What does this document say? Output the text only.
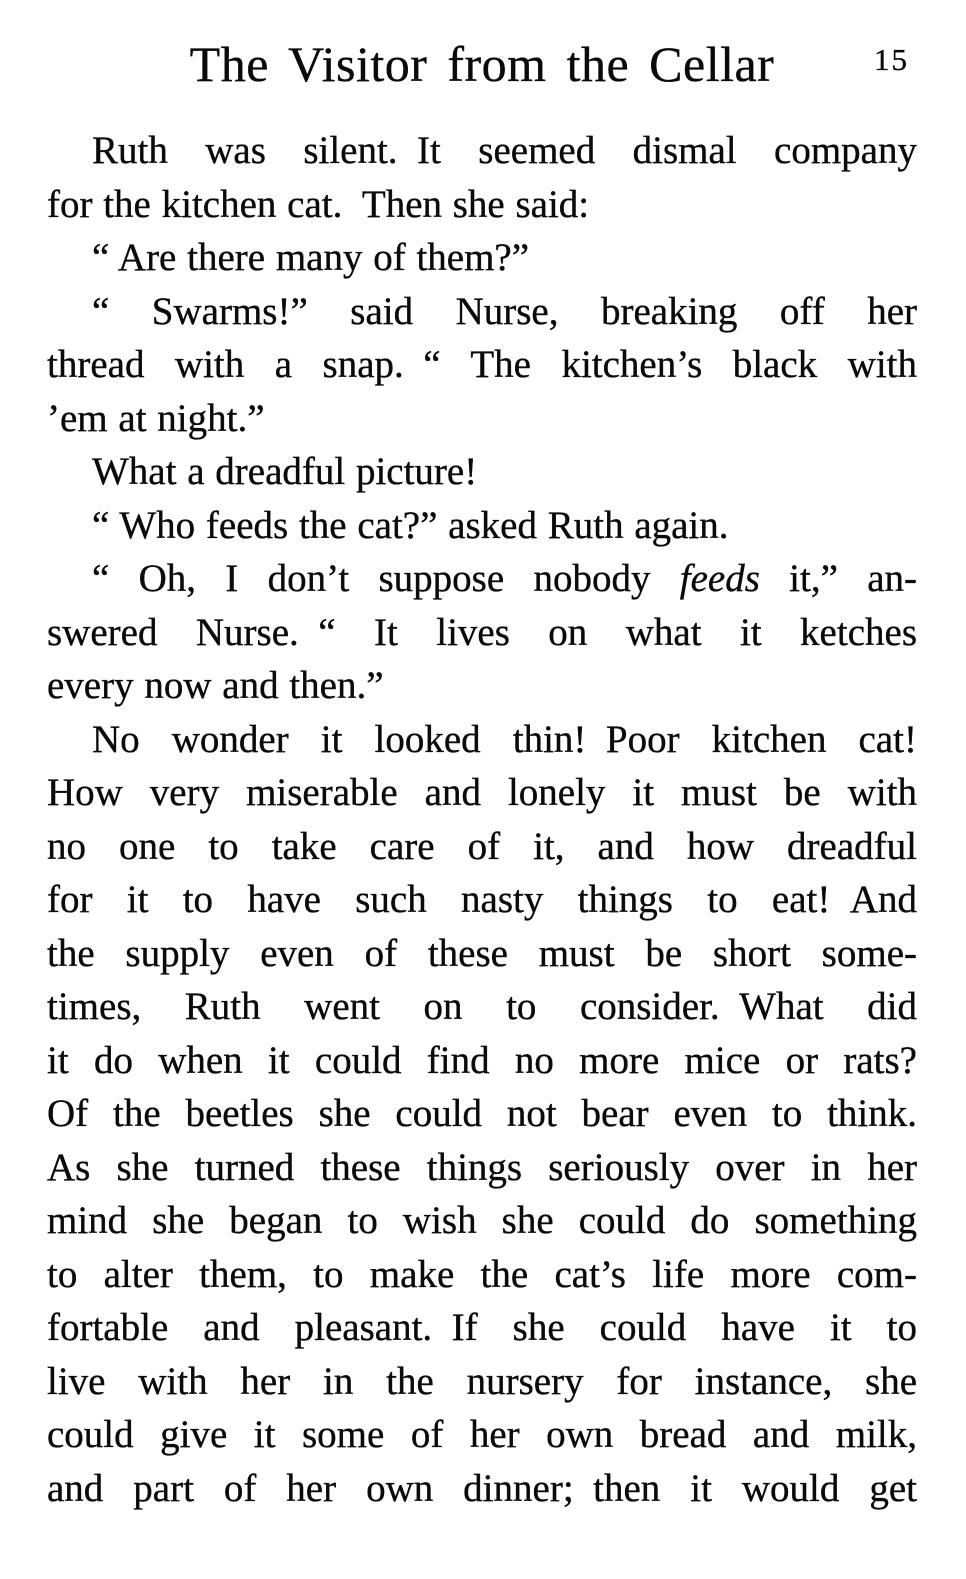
The Visitor from the Cellar	15
Ruth was silent. It seemed dismal company
for the kitchen cat. Then she said:
“ Are there many of them?”
“ Swarms!” said Nurse, breaking off her
thread with a snap. “ The kitchen’s black with
’em at night.”
What a dreadful picture!
“ Who feeds the cat?” asked Ruth again.
“ Oh, I don’t suppose nobody feeds it,” an-
swered Nurse. “ It lives on what it ketches
every now and then.”
No wonder it looked thin! Poor kitchen cat!
How very miserable and lonely it must be with
no one to take care of it, and how dreadful
for it to have such nasty things to eat! And
the supply even of these must be short some-
times, Ruth went on to consider. What did
it do when it could find no more mice or rats?
Of the beetles she could not bear even to think.
As she turned these things seriously over in her
mind she began to wish she could do something
to alter them, to make the cat’s life more com-
fortable and pleasant. If she could have it to
live with her in the nursery for instance, she
could give it some of her own bread and milk,
and part of her own dinner; then it would get
